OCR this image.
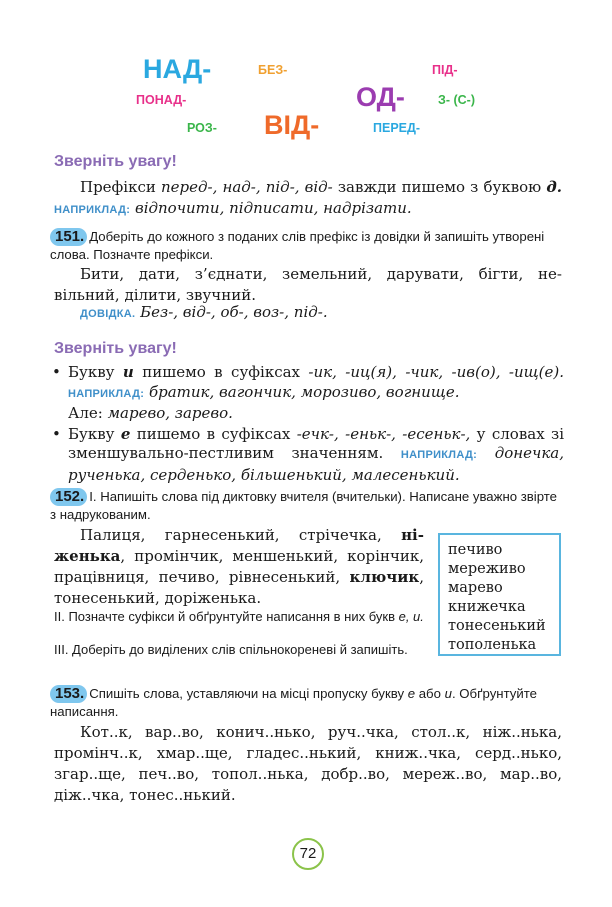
НАД-	БЕЗ-	ПІД-
ПОНАД-	ОД-	З- (С-)
РОЗ- ВІД-	ПЕРЕД-
Зверніть увагу!
Префікси перед-, над-, під-, від- завжди пишемо з буквою д. НАПРИКЛАД: відпочити, підписати, надрізати.
151. Доберіть до кожного з поданих слів префікс із довідки й запишіть утворені слова. Позначте префікси.
Бити, дати, з’єднати, земельний, дарувати, бігти, невільний, ділити, звучний.
ДОВІДКА. Без-, від-, об-, воз-, під-.
Зверніть увагу!
• Букву и пишемо в суфіксах -ик, -иц(я), -чик, -ив(о), -ищ(е). НАПРИКЛАД: братик, вагончик, морозиво, вогнище.
Але: марево, зарево.
• Букву е пишемо в суфіксах -ечк-, -еньк-, -есеньк-, у словах зі зменшувально-пестливим значенням. НАПРИКЛАД: донечка, рученька, серденько, більшенький, малесенький.
152. І. Напишіть слова під диктовку вчителя (вчительки). Написане уважно звірте з надрукованим.
Палиця, гарнесенький, стрічечка, ніженька, промінчик, меншенький, корінчик, працівниця, печиво, рівнесенький, ключик, тонесенький, доріженька.
ІІ. Позначте суфікси й обґрунтуйте написання в них букв е, и.
ІІІ. Доберіть до виділених слів спільнокореневі й запишіть.
печиво
мереживо
марево
книжечка
тонесенький
тополенька
153. Спишіть слова, уставляючи на місці пропуску букву е або и. Обґрунтуйте написання.
Кот..к, вар..во, конич..нько, руч..чка, стол..к, ніж..нька, промінч..к, хмар..ще, гладес..нький, книж..чка, серд..нько, згар..ще, печ..во, топол..нька, добр..во, мереж..во, мар..во, діж..чка, тонес..нький.
72
